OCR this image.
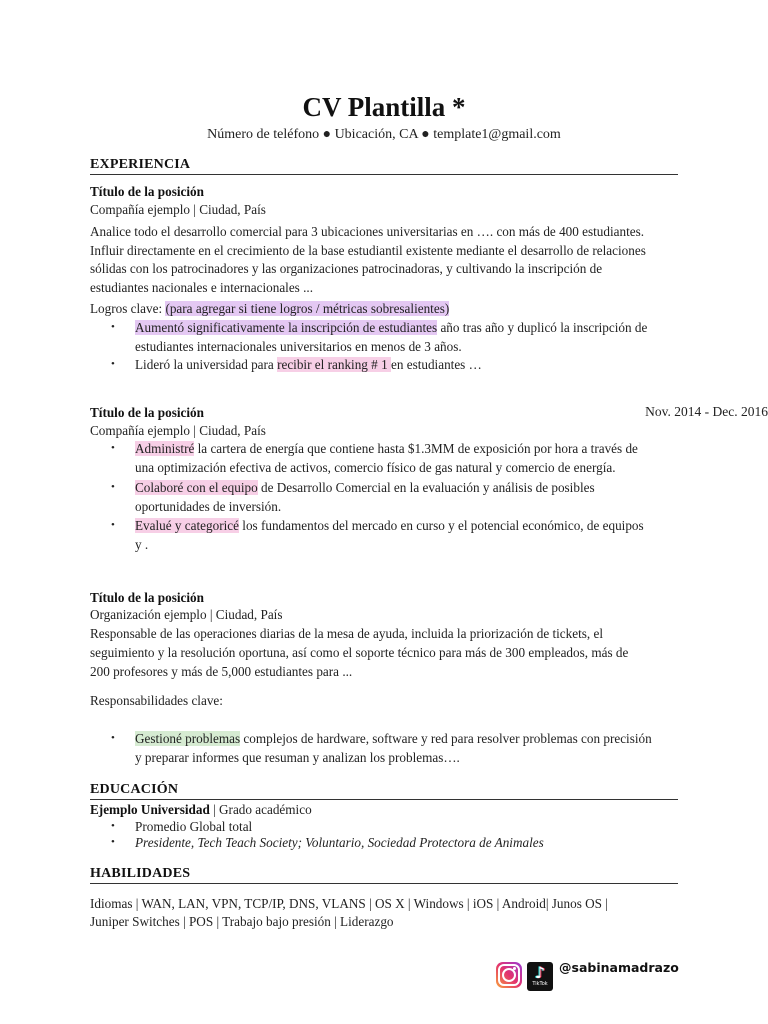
CV Plantilla *
Número de teléfono ● Ubicación, CA ● template1@gmail.com
EXPERIENCIA
Título de la posición
Compañía ejemplo | Ciudad, País
Analice todo el desarrollo comercial para 3 ubicaciones universitarias en …. con más de 400 estudiantes.
Influir directamente en el crecimiento de la base estudiantil existente mediante el desarrollo de relaciones
sólidas con los patrocinadores y las organizaciones patrocinadoras, y cultivando la inscripción de
estudiantes nacionales e internacionales ...
Logros clave: (para agregar si tiene logros / métricas sobresalientes)
• Aumentó significativamente la inscripción de estudiantes año tras año y duplicó la inscripción de
estudiantes internacionales universitarios en menos de 3 años.
• Lideró la universidad para recibir el ranking # 1 en estudiantes …
Título de la posición	Nov. 2014 - Dec. 2016
Compañía ejemplo | Ciudad, País
• Administré la cartera de energía que contiene hasta $1.3MM de exposición por hora a través de
una optimización efectiva de activos, comercio físico de gas natural y comercio de energía.
• Colaboré con el equipo de Desarrollo Comercial en la evaluación y análisis de posibles
oportunidades de inversión.
• Evalué y categoricé los fundamentos del mercado en curso y el potencial económico, de equipos
y .
Título de la posición
Organización ejemplo | Ciudad, País
Responsable de las operaciones diarias de la mesa de ayuda, incluida la priorización de tickets, el
seguimiento y la resolución oportuna, así como el soporte técnico para más de 300 empleados, más de
200 profesores y más de 5,000 estudiantes para ...
Responsabilidades clave:
• Gestioné problemas complejos de hardware, software y red para resolver problemas con precisión
y preparar informes que resuman y analizan los problemas….
EDUCACIÓN
Ejemplo Universidad | Grado académico
• Promedio Global total
• Presidente, Tech Teach Society; Voluntario, Sociedad Protectora de Animales
HABILIDADES
Idiomas | WAN, LAN, VPN, TCP/IP, DNS, VLANS | OS X | Windows | iOS | Android| Junos OS |
Juniper Switches | POS | Trabajo bajo presión | Liderazgo
♪
TikTok
@sabinamadrazo
